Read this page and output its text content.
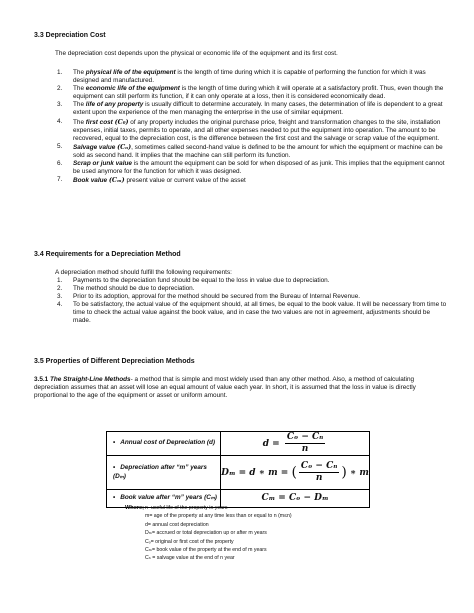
3.3 Depreciation Cost
The depreciation cost depends upon the physical or economic life of the equipment and its first cost.
1. The physical life of the equipment is the length of time during which it is capable of performing the function for which it was designed and manufactured.
2. The economic life of the equipment is the length of time during which it will operate at a satisfactory profit. Thus, even though the equipment can still perform its function, if it can only operate at a loss, then it is considered economically dead.
3. The life of any property is usually difficult to determine accurately. In many cases, the determination of life is dependent to a great extent upon the experience of the men managing the enterprise in the use of similar equipment.
4. The first cost (C₀) of any property includes the original purchase price, freight and transformation changes to the site, installation expenses, initial taxes, permits to operate, and all other expenses needed to put the equipment into operation. The amount to be recovered, equal to the depreciation cost, is the difference between the first cost and the salvage or scrap value of the equipment.
5. Salvage value (Cₙ), sometimes called second-hand value is defined to be the amount for which the equipment or machine can be sold as second hand. It implies that the machine can still perform its function.
6. Scrap or junk value is the amount the equipment can be sold for when disposed of as junk. This implies that the equipment cannot be used anymore for the function for which it was designed.
7. Book value (Cₘ) present value or current value of the asset
3.4 Requirements for a Depreciation Method
A depreciation method should fulfill the following requirements:
1. Payments to the depreciation fund should be equal to the loss in value due to depreciation.
2. The method should be due to depreciation.
3. Prior to its adoption, approval for the method should be secured from the Bureau of Internal Revenue.
4. To be satisfactory, the actual value of the equipment should, at all times, be equal to the book value. It will be necessary from time to time to check the actual value against the book value, and in case the two values are not in agreement, adjustments should be made.
3.5 Properties of Different Depreciation Methods
3.5.1 The Straight-Line Methods- a method that is simple and most widely used than any other method. Also, a method of calculating depreciation assumes that an asset will lose an equal amount of value each year. In short, it is assumed that the loss in value is directly proportional to the age of the equipment or asset or uniform amount.
• Annual cost of Depreciation (d)	$d = \frac{\text{Cₒ − Cₙ}}{n}$

• Depreciation after “m” years (Dₘ)	Dₘ = d ∗ m = ( $\frac{\text{Cₒ − Cₙ}}{n}$ ) ∗ m
• Book value after “m” years (Cₘ)	Cₘ = Cₒ − Dₘ
Where; n -useful life of the property in years
m= age of the property at any time less than or equal to n (m≤n)
d= annual cost depreciation
Dₘ= accrued or total depreciation up or after m years
Cₒ= original or first cost of the property
Cₘ= book value of the property at the end of m years
Cₙ = salvage value at the end of n year
